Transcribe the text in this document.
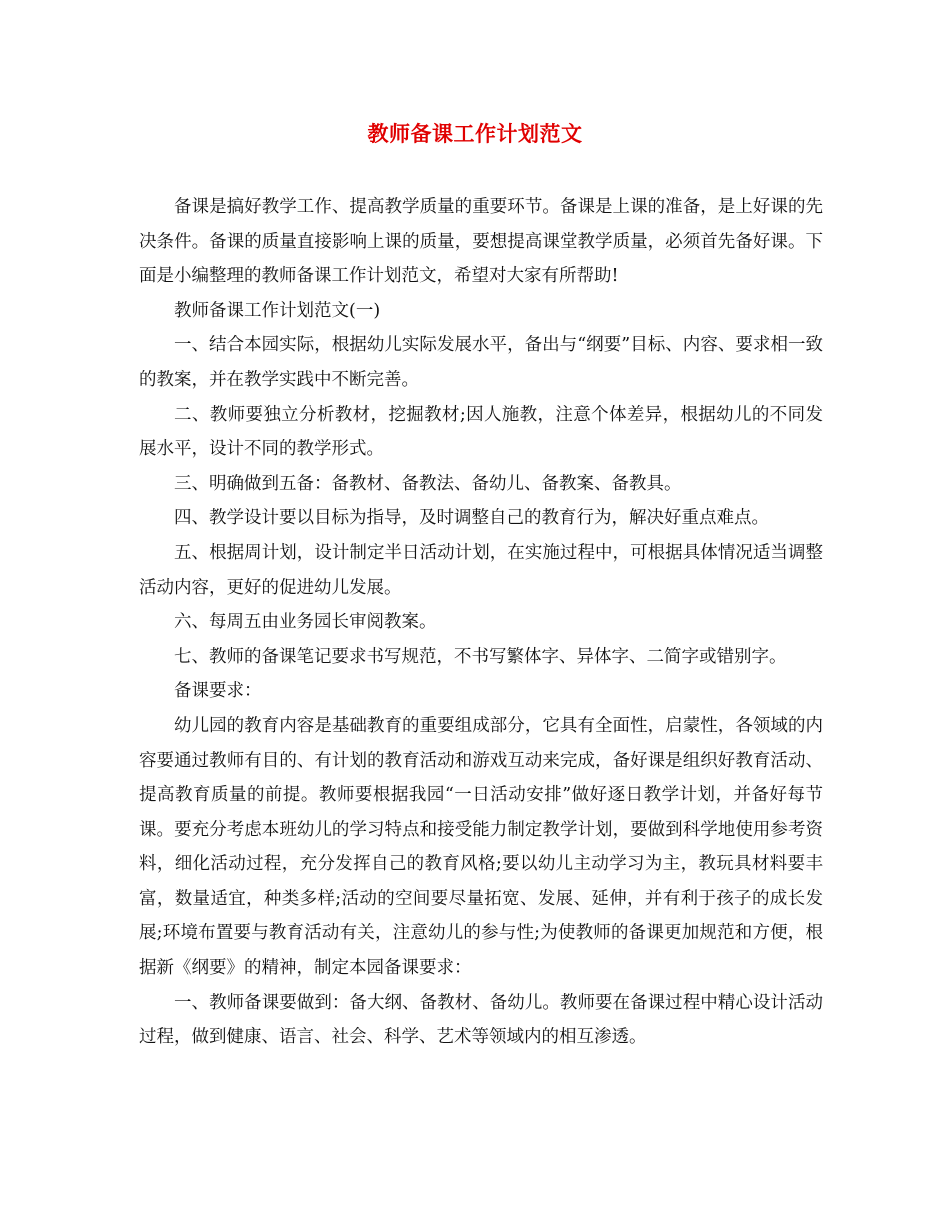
教师备课工作计划范文

备课是搞好教学工作、提高教学质量的重要环节。备课是上课的准备，是上好课的先决条件。备课的质量直接影响上课的质量，要想提高课堂教学质量，必须首先备好课。下面是小编整理的教师备课工作计划范文，希望对大家有所帮助!

教师备课工作计划范文(一)

一、结合本园实际，根据幼儿实际发展水平，备出与“纲要”目标、内容、要求相一致的教案，并在教学实践中不断完善。

二、教师要独立分析教材，挖掘教材;因人施教，注意个体差异，根据幼儿的不同发展水平，设计不同的教学形式。

三、明确做到五备：备教材、备教法、备幼儿、备教案、备教具。

四、教学设计要以目标为指导，及时调整自己的教育行为，解决好重点难点。

五、根据周计划，设计制定半日活动计划，在实施过程中，可根据具体情况适当调整活动内容，更好的促进幼儿发展。

六、每周五由业务园长审阅教案。

七、教师的备课笔记要求书写规范，不书写繁体字、异体字、二简字或错别字。

备课要求：

幼儿园的教育内容是基础教育的重要组成部分，它具有全面性，启蒙性，各领域的内容要通过教师有目的、有计划的教育活动和游戏互动来完成，备好课是组织好教育活动、提高教育质量的前提。教师要根据我园“一日活动安排”做好逐日教学计划，并备好每节课。要充分考虑本班幼儿的学习特点和接受能力制定教学计划，要做到科学地使用参考资料，细化活动过程，充分发挥自己的教育风格;要以幼儿主动学习为主，教玩具材料要丰富，数量适宜，种类多样;活动的空间要尽量拓宽、发展、延伸，并有利于孩子的成长发展;环境布置要与教育活动有关，注意幼儿的参与性;为使教师的备课更加规范和方便，根据新《纲要》的精神，制定本园备课要求：

一、教师备课要做到：备大纲、备教材、备幼儿。教师要在备课过程中精心设计活动过程，做到健康、语言、社会、科学、艺术等领域内的相互渗透。
